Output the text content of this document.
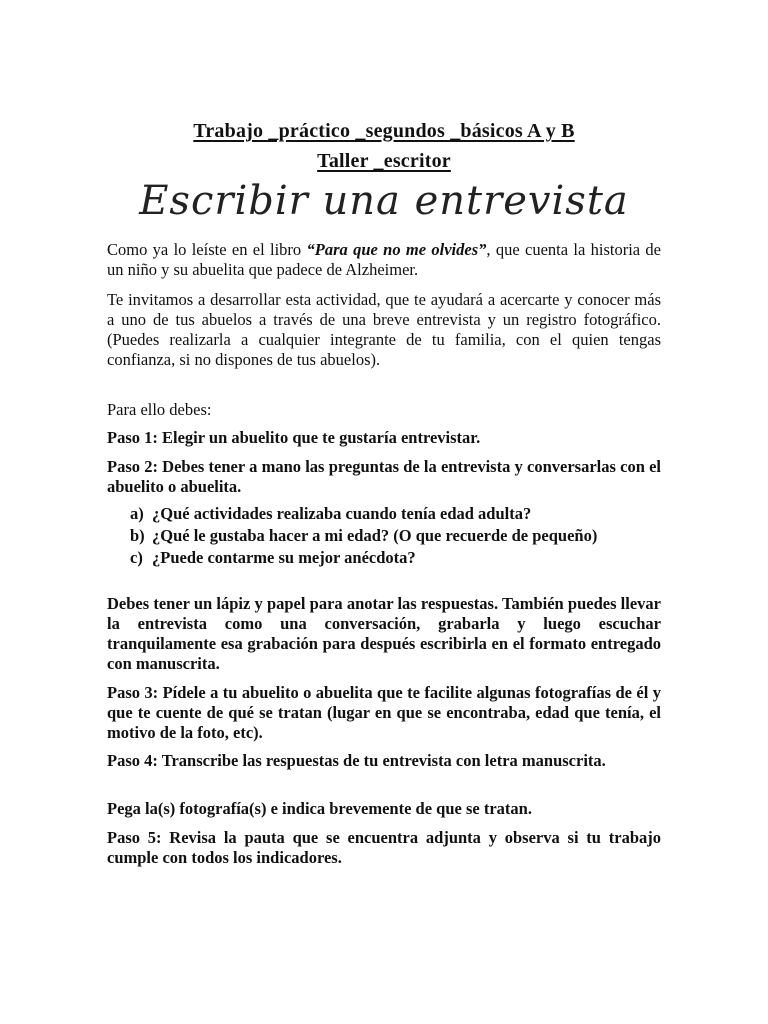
Trabajo _práctico _segundos _básicos A y B
Taller _escritor
Escribir una entrevista
Como ya lo leíste en el libro “Para que no me olvides”, que cuenta la historia de un niño y su abuelita que padece de Alzheimer.
Te invitamos a desarrollar esta actividad, que te ayudará a acercarte y conocer más a uno de tus abuelos a través de una breve entrevista y un registro fotográfico. (Puedes realizarla a cualquier integrante de tu familia, con el quien tengas confianza, si no dispones de tus abuelos).
Para ello debes:
Paso 1: Elegir un abuelito que te gustaría entrevistar.
Paso 2: Debes tener a mano las preguntas de la entrevista y conversarlas con el abuelito o abuelita.
a) ¿Qué actividades realizaba cuando tenía edad adulta?
b) ¿Qué le gustaba hacer a mi edad? (O que recuerde de pequeño)
c) ¿Puede contarme su mejor anécdota?
Debes tener un lápiz y papel para anotar las respuestas. También puedes llevar la entrevista como una conversación, grabarla y luego escuchar tranquilamente esa grabación para después escribirla en el formato entregado con manuscrita.
Paso 3: Pídele a tu abuelito o abuelita que te facilite algunas fotografías de él y que te cuente de qué se tratan (lugar en que se encontraba, edad que tenía, el motivo de la foto, etc).
Paso 4: Transcribe las respuestas de tu entrevista con letra manuscrita.
Pega la(s) fotografía(s) e indica brevemente de que se tratan.
Paso 5: Revisa la pauta que se encuentra adjunta y observa si tu trabajo cumple con todos los indicadores.
